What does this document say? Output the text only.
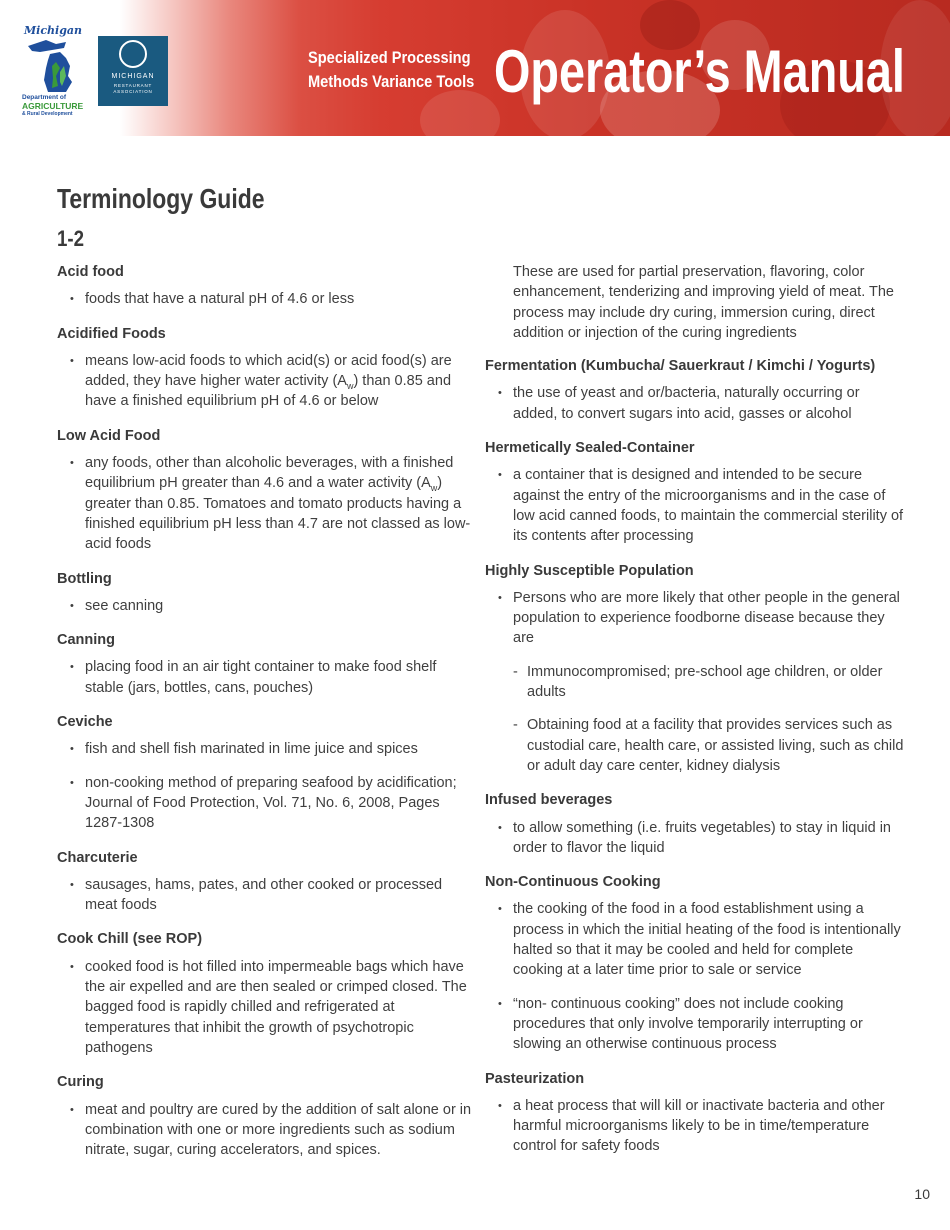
Michigan
Department of
AGRICULTURE
& Rural Development
MICHIGAN
RESTAURANT
ASSOCIATION
Specialized Processing
Methods Variance Tools Operator’s Manual
Terminology Guide
1-2
Acid food
• foods that have a natural pH of 4.6 or less
Acidified Foods
• means low-acid foods to which acid(s) or acid food(s) are added, they have higher water activity $(A_w)$ than 0.85 and have a finished equilibrium pH of 4.6 or below
Low Acid Food
• any foods, other than alcoholic beverages, with a finished equilibrium pH greater than 4.6 and a water activity $(A_w)$ greater than 0.85. Tomatoes and tomato products having a finished equilibrium pH less than 4.7 are not classed as low-acid foods
Bottling
• see canning
Canning
• placing food in an air tight container to make food shelf stable (jars, bottles, cans, pouches)
Ceviche
• fish and shell fish marinated in lime juice and spices
• non-cooking method of preparing seafood by acidification; Journal of Food Protection, Vol. 71, No. 6, 2008, Pages 1287-1308
Charcuterie
• sausages, hams, pates, and other cooked or processed meat foods
Cook Chill (see ROP)
• cooked food is hot filled into impermeable bags which have the air expelled and are then sealed or crimped closed. The bagged food is rapidly chilled and refrigerated at temperatures that inhibit the growth of psychotropic pathogens
Curing
• meat and poultry are cured by the addition of salt alone or in combination with one or more ingredients such as sodium nitrate, sugar, curing accelerators, and spices.
These are used for partial preservation, flavoring, color enhancement, tenderizing and improving yield of meat. The process may include dry curing, immersion curing, direct addition or injection of the curing ingredients
Fermentation (Kumbucha/ Sauerkraut / Kimchi / Yogurts)
• the use of yeast and or/bacteria, naturally occurring or added, to convert sugars into acid, gasses or alcohol
Hermetically Sealed-Container
• a container that is designed and intended to be secure against the entry of the microorganisms and in the case of low acid canned foods, to maintain the commercial sterility of its contents after processing
Highly Susceptible Population
• Persons who are more likely that other people in the general population to experience foodborne disease because they are
- Immunocompromised; pre-school age children, or older adults
- Obtaining food at a facility that provides services such as custodial care, health care, or assisted living, such as child or adult day care center, kidney dialysis
Infused beverages
• to allow something (i.e. fruits vegetables) to stay in liquid in order to flavor the liquid
Non-Continuous Cooking
• the cooking of the food in a food establishment using a process in which the initial heating of the food is intentionally halted so that it may be cooled and held for complete cooking at a later time prior to sale or service
• “non- continuous cooking” does not include cooking procedures that only involve temporarily interrupting or slowing an otherwise continuous process
Pasteurization
• a heat process that will kill or inactivate bacteria and other harmful microorganisms likely to be in time/temperature control for safety foods
10
